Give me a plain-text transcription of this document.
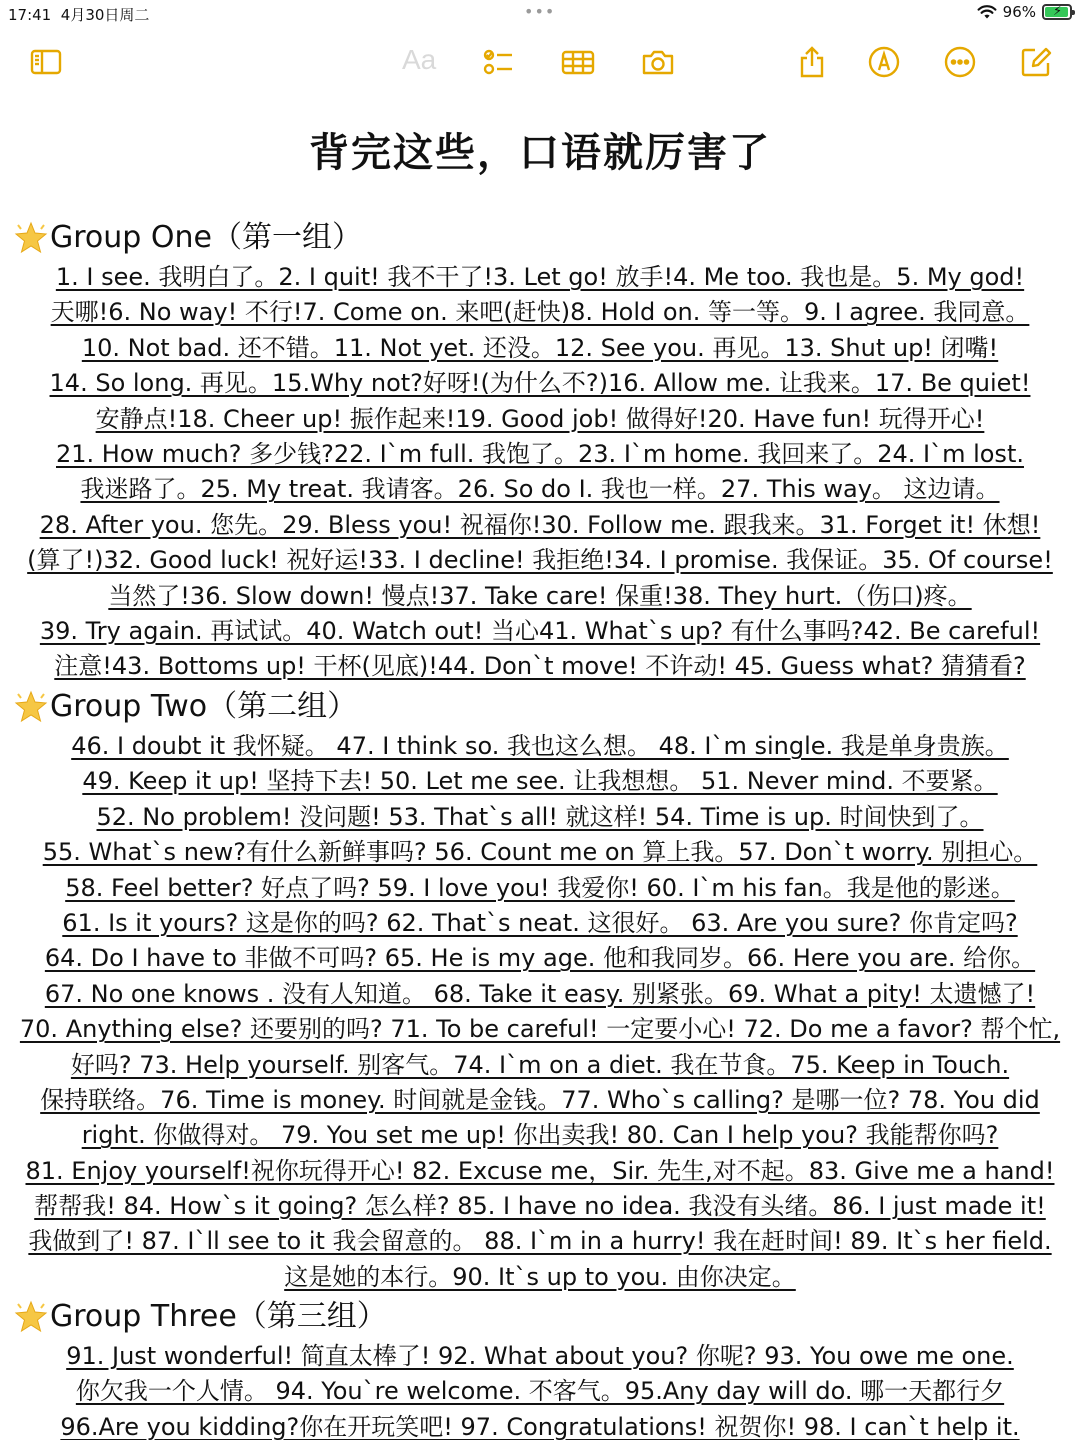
17:41 4月30日周二	•••	96% ⚡
Aa
背完这些，口语就厉害了
Group One（第一组）
1. I see. 我明白了。2. I quit! 我不干了!3. Let go! 放手!4. Me too. 我也是。5. My god!
天哪!6. No way! 不行!7. Come on. 来吧(赶快)8. Hold on. 等一等。9. I agree. 我同意。
10. Not bad. 还不错。11. Not yet. 还没。12. See you. 再见。13. Shut up! 闭嘴!
14. So long. 再见。15.Why not?好呀!(为什么不?)16. Allow me. 让我来。17. Be quiet!
安静点!18. Cheer up! 振作起来!19. Good job! 做得好!20. Have fun! 玩得开心!
21. How much? 多少钱?22. I`m full. 我饱了。23. I`m home. 我回来了。24. I`m lost.
我迷路了。25. My treat. 我请客。26. So do I. 我也一样。27. This way。 这边请。
28. After you. 您先。29. Bless you! 祝福你!30. Follow me. 跟我来。31. Forget it! 休想!
(算了!)32. Good luck! 祝好运!33. I decline! 我拒绝!34. I promise. 我保证。35. Of course!
当然了!36. Slow down! 慢点!37. Take care! 保重!38. They hurt.（伤口)疼。
39. Try again. 再试试。40. Watch out! 当心41. What`s up? 有什么事吗?42. Be careful!
注意!43. Bottoms up! 干杯(见底)!44. Don`t move! 不许动! 45. Guess what? 猜猜看?
Group Two（第二组）
46. I doubt it 我怀疑。 47. I think so. 我也这么想。 48. I`m single. 我是单身贵族。
49. Keep it up! 坚持下去! 50. Let me see. 让我想想。 51. Never mind. 不要紧。
52. No problem! 没问题! 53. That`s all! 就这样! 54. Time is up. 时间快到了。
55. What`s new?有什么新鲜事吗? 56. Count me on 算上我。57. Don`t worry. 别担心。
58. Feel better? 好点了吗? 59. I love you! 我爱你! 60. I`m his fan。我是他的影迷。
61. Is it yours? 这是你的吗? 62. That`s neat. 这很好。 63. Are you sure? 你肯定吗?
64. Do I have to 非做不可吗? 65. He is my age. 他和我同岁。66. Here you are. 给你。
67. No one knows . 没有人知道。 68. Take it easy. 别紧张。69. What a pity! 太遗憾了!
70. Anything else? 还要别的吗? 71. To be careful! 一定要小心! 72. Do me a favor? 帮个忙,
好吗? 73. Help yourself. 别客气。74. I`m on a diet. 我在节食。75. Keep in Touch.
保持联络。76. Time is money. 时间就是金钱。77. Who`s calling? 是哪一位? 78. You did
right. 你做得对。 79. You set me up! 你出卖我! 80. Can I help you? 我能帮你吗?
81. Enjoy yourself!祝你玩得开心! 82. Excuse me，Sir. 先生,对不起。83. Give me a hand!
帮帮我! 84. How`s it going? 怎么样? 85. I have no idea. 我没有头绪。86. I just made it!
我做到了! 87. I`ll see to it 我会留意的。 88. I`m in a hurry! 我在赶时间! 89. It`s her field.
这是她的本行。90. It`s up to you. 由你决定。
Group Three（第三组）
91. Just wonderful! 简直太棒了! 92. What about you? 你呢? 93. You owe me one.
你欠我一个人情。 94. You`re welcome. 不客气。95.Any day will do. 哪一天都行夕
96.Are you kidding?你在开玩笑吧! 97. Congratulations! 祝贺你! 98. I can`t help it.
